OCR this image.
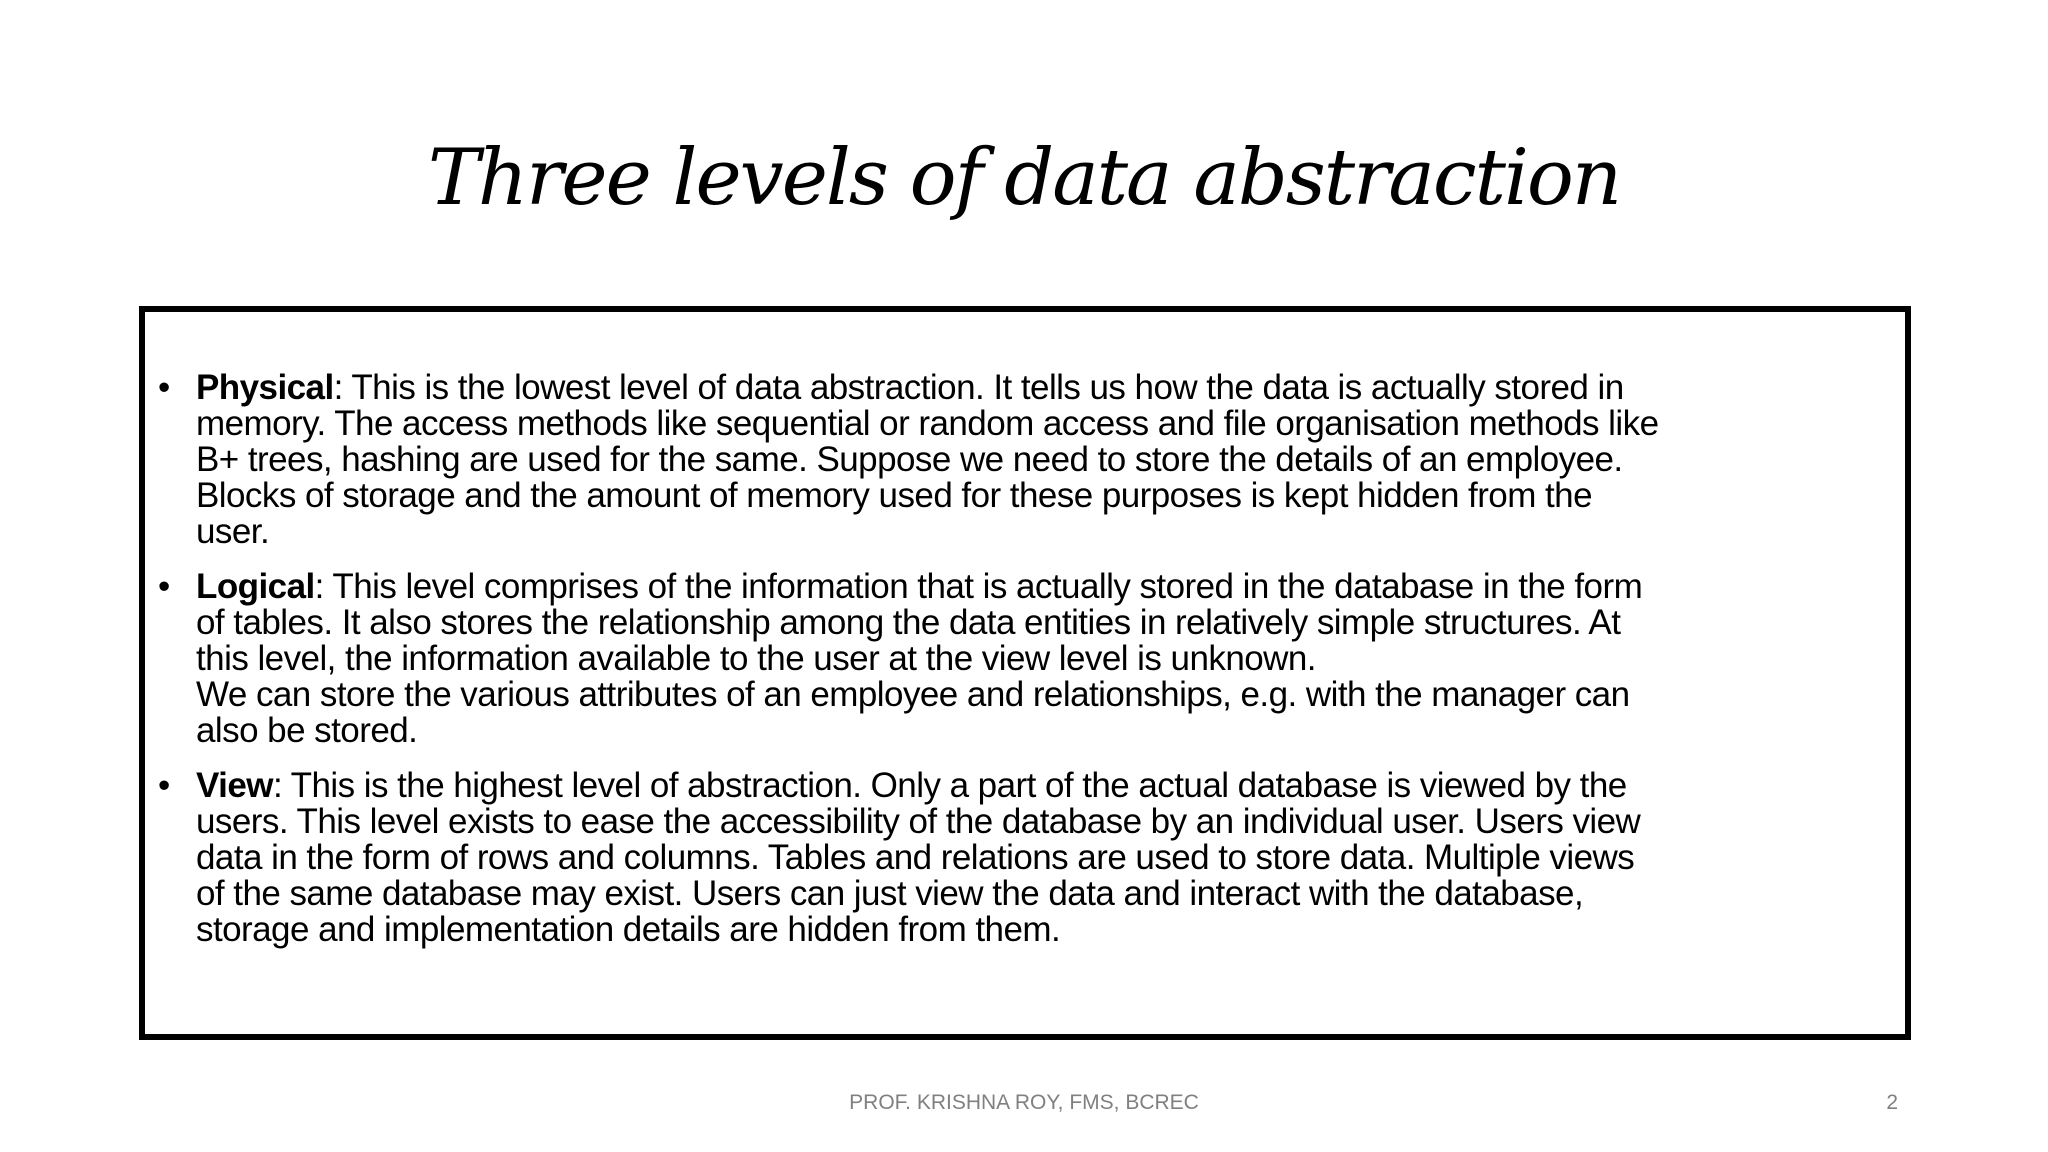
Three levels of data abstraction
• Physical: This is the lowest level of data abstraction. It tells us how the data is actually stored in
memory. The access methods like sequential or random access and file organisation methods like
B+ trees, hashing are used for the same. Suppose we need to store the details of an employee.
Blocks of storage and the amount of memory used for these purposes is kept hidden from the
user.
• Logical: This level comprises of the information that is actually stored in the database in the form
of tables. It also stores the relationship among the data entities in relatively simple structures. At
this level, the information available to the user at the view level is unknown.
We can store the various attributes of an employee and relationships, e.g. with the manager can
also be stored.
• View: This is the highest level of abstraction. Only a part of the actual database is viewed by the
users. This level exists to ease the accessibility of the database by an individual user. Users view
data in the form of rows and columns. Tables and relations are used to store data. Multiple views
of the same database may exist. Users can just view the data and interact with the database,
storage and implementation details are hidden from them.
PROF. KRISHNA ROY, FMS, BCREC	2
